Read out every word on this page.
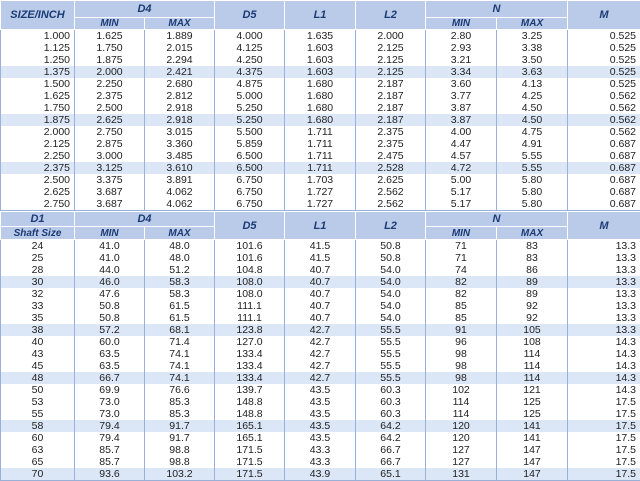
SIZE/INCH	D4		D5	L1	L2	N		M
	MIN	MAX				MIN	MAX	
1.000	1.625	1.889	4.000	1.635	2.000	2.80	3.25	0.525
1.125	1.750	2.015	4.125	1.603	2.125	2.93	3.38	0.525
1.250	1.875	2.294	4.250	1.603	2.125	3.21	3.50	0.525
1.375	2.000	2.421	4.375	1.603	2.125	3.34	3.63	0.525
1.500	2.250	2.680	4.875	1.680	2.187	3.60	4.13	0.525
1.625	2.375	2.812	5.000	1.680	2.187	3.77	4.25	0.562
1.750	2.500	2.918	5.250	1.680	2.187	3.87	4.50	0.562
1.875	2.625	2.918	5.250	1.680	2.187	3.87	4.50	0.562
2.000	2.750	3.015	5.500	1.711	2.375	4.00	4.75	0.562
2.125	2.875	3.360	5.859	1.711	2.375	4.47	4.91	0.687
2.250	3.000	3.485	6.500	1.711	2.475	4.57	5.55	0.687
2.375	3.125	3.610	6.500	1.711	2.528	4.72	5.55	0.687
2.500	3.375	3.891	6.750	1.703	2.625	5.00	5.80	0.687
2.625	3.687	4.062	6.750	1.727	2.562	5.17	5.80	0.687
2.750	3.687	4.062	6.750	1.727	2.562	5.17	5.80	0.687
D1	D4		D5	L1	L2	N		M
Shaft Size	MIN	MAX				MIN	MAX	
24	41.0	48.0	101.6	41.5	50.8	71	83	13.3
25	41.0	48.0	101.6	41.5	50.8	71	83	13.3
28	44.0	51.2	104.8	40.7	54.0	74	86	13.3
30	46.0	58.3	108.0	40.7	54.0	82	89	13.3
32	47.6	58.3	108.0	40.7	54.0	82	89	13.3
33	50.8	61.5	111.1	40.7	54.0	85	92	13.3
35	50.8	61.5	111.1	40.7	54.0	85	92	13.3
38	57.2	68.1	123.8	42.7	55.5	91	105	13.3
40	60.0	71.4	127.0	42.7	55.5	96	108	14.3
43	63.5	74.1	133.4	42.7	55.5	98	114	14.3
45	63.5	74.1	133.4	42.7	55.5	98	114	14.3
48	66.7	74.1	133.4	42.7	55.5	98	114	14.3
50	69.9	76.6	139.7	43.5	60.3	102	121	14.3
53	73.0	85.3	148.8	43.5	60.3	114	125	17.5
55	73.0	85.3	148.8	43.5	60.3	114	125	17.5
58	79.4	91.7	165.1	43.5	64.2	120	141	17.5
60	79.4	91.7	165.1	43.5	64.2	120	141	17.5
63	85.7	98.8	171.5	43.3	66.7	127	147	17.5
65	85.7	98.8	171.5	43.3	66.7	127	147	17.5
70	93.6	103.2	171.5	43.9	65.1	131	147	17.5
